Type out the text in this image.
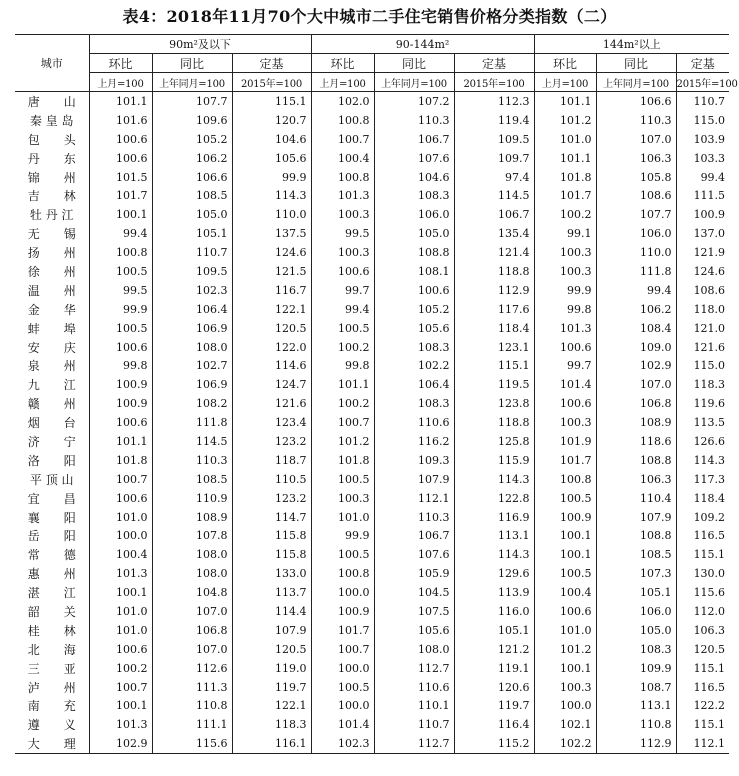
表4：2018年11月70个大中城市二手住宅销售价格分类指数（二）
城市	90m²及以下			90-144m²			144m²以上		
	环比	同比	定基	环比	同比	定基	环比	同比	定基
	上月=100	上年同月=100	2015年=100	上月=100	上年同月=100	2015年=100	上月=100	上年同月=100	2015年=100
唐　　山	101.1	107.7	115.1	102.0	107.2	112.3	101.1	106.6	110.7
秦 皇 岛	101.6	109.6	120.7	100.8	110.3	119.4	101.2	110.3	115.0
包　　头	100.6	105.2	104.6	100.7	106.7	109.5	101.0	107.0	103.9
丹　　东	100.6	106.2	105.6	100.4	107.6	109.7	101.1	106.3	103.3
锦　　州	101.5	106.6	99.9	100.8	104.6	97.4	101.8	105.8	99.4
吉　　林	101.7	108.5	114.3	101.3	108.3	114.5	101.7	108.6	111.5
牡 丹 江	100.1	105.0	110.0	100.3	106.0	106.7	100.2	107.7	100.9
无　　锡	99.4	105.1	137.5	99.5	105.0	135.4	99.1	106.0	137.0
扬　　州	100.8	110.7	124.6	100.3	108.8	121.4	100.3	110.0	121.9
徐　　州	100.5	109.5	121.5	100.6	108.1	118.8	100.3	111.8	124.6
温　　州	99.5	102.3	116.7	99.7	100.6	112.9	99.9	99.4	108.6
金　　华	99.9	106.4	122.1	99.4	105.2	117.6	99.8	106.2	118.0
蚌　　埠	100.5	106.9	120.5	100.5	105.6	118.4	101.3	108.4	121.0
安　　庆	100.6	108.0	122.0	100.2	108.3	123.1	100.6	109.0	121.6
泉　　州	99.8	102.7	114.6	99.8	102.2	115.1	99.7	102.9	115.0
九　　江	100.9	106.9	124.7	101.1	106.4	119.5	101.4	107.0	118.3
赣　　州	100.9	108.2	121.6	100.2	108.3	123.8	100.6	106.8	119.6
烟　　台	100.6	111.8	123.4	100.7	110.6	118.8	100.3	108.9	113.5
济　　宁	101.1	114.5	123.2	101.2	116.2	125.8	101.9	118.6	126.6
洛　　阳	101.8	110.3	118.7	101.8	109.3	115.9	101.7	108.8	114.3
平 顶 山	100.7	108.5	110.5	100.5	107.9	114.3	100.8	106.3	117.3
宜　　昌	100.6	110.9	123.2	100.3	112.1	122.8	100.5	110.4	118.4
襄　　阳	101.0	108.9	114.7	101.0	110.3	116.9	100.9	107.9	109.2
岳　　阳	100.0	107.8	115.8	99.9	106.7	113.1	100.1	108.8	116.5
常　　德	100.4	108.0	115.8	100.5	107.6	114.3	100.1	108.5	115.1
惠　　州	101.3	108.0	133.0	100.8	105.9	129.6	100.5	107.3	130.0
湛　　江	100.1	104.8	113.7	100.0	104.5	113.9	100.4	105.1	115.6
韶　　关	101.0	107.0	114.4	100.9	107.5	116.0	100.6	106.0	112.0
桂　　林	101.0	106.8	107.9	101.7	105.6	105.1	101.0	105.0	106.3
北　　海	100.6	107.0	120.5	100.7	108.0	121.2	101.2	108.3	120.5
三　　亚	100.2	112.6	119.0	100.0	112.7	119.1	100.1	109.9	115.1
泸　　州	100.7	111.3	119.7	100.5	110.6	120.6	100.3	108.7	116.5
南　　充	100.1	110.8	122.1	100.0	110.1	119.7	100.0	113.1	122.2
遵　　义	101.3	111.1	118.3	101.4	110.7	116.4	102.1	110.8	115.1
大　　理	102.9	115.6	116.1	102.3	112.7	115.2	102.2	112.9	112.1
